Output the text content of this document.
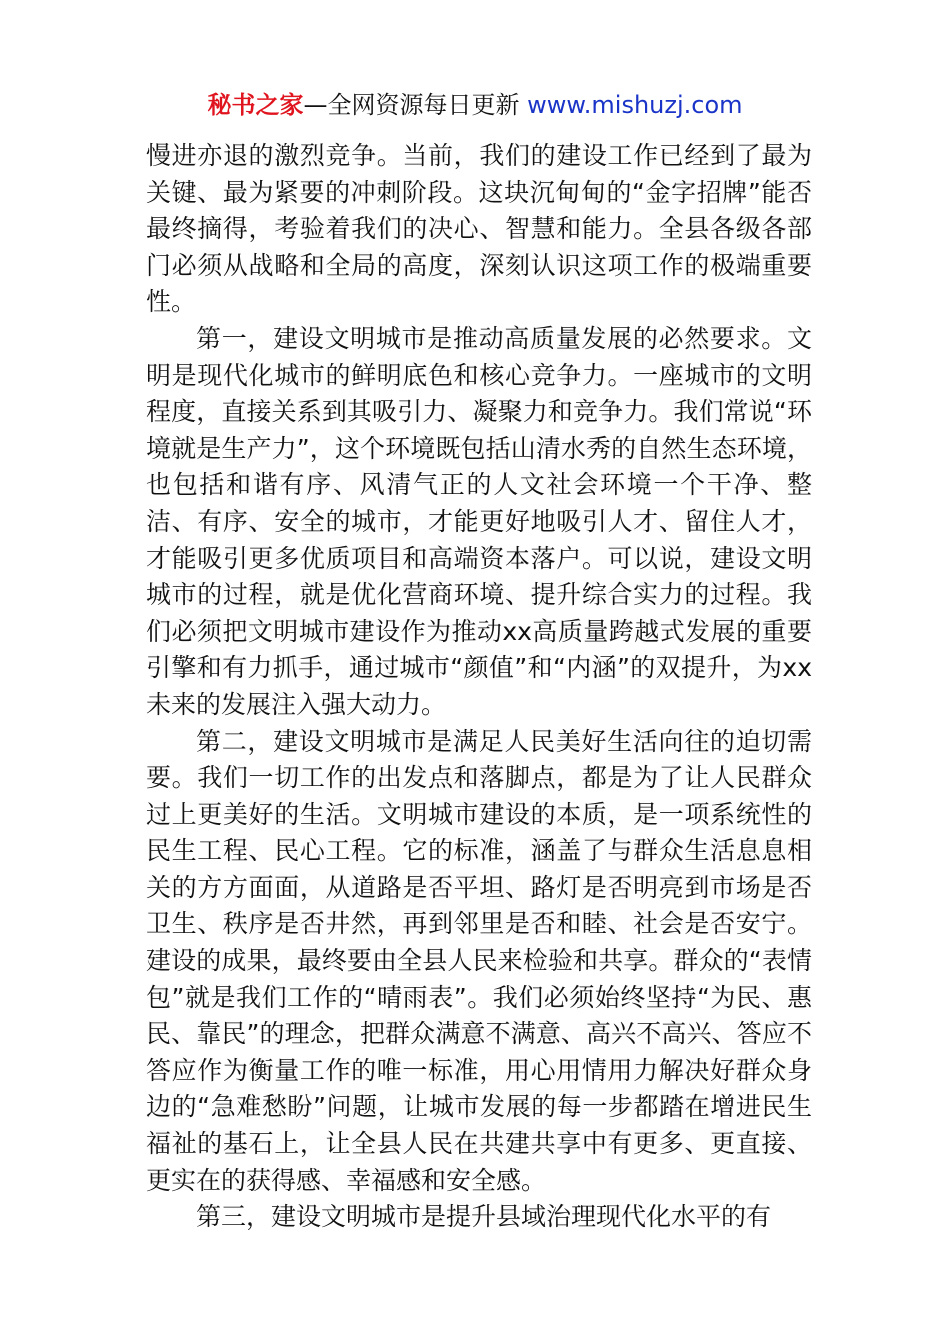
秘书之家—全网资源每日更新 www.mishuzj.com

慢进亦退的激烈竞争。当前，我们的建设工作已经到了最为关键、最为紧要的冲刺阶段。这块沉甸甸的“金字招牌”能否最终摘得，考验着我们的决心、智慧和能力。全县各级各部门必须从战略和全局的高度，深刻认识这项工作的极端重要性。

第一，建设文明城市是推动高质量发展的必然要求。文明是现代化城市的鲜明底色和核心竞争力。一座城市的文明程度，直接关系到其吸引力、凝聚力和竞争力。我们常说“环境就是生产力”，这个环境既包括山清水秀的自然生态环境，也包括和谐有序、风清气正的人文社会环境一个干净、整洁、有序、安全的城市，才能更好地吸引人才、留住人才，才能吸引更多优质项目和高端资本落户。可以说，建设文明城市的过程，就是优化营商环境、提升综合实力的过程。我们必须把文明城市建设作为推动xx高质量跨越式发展的重要引擎和有力抓手，通过城市“颜值”和“内涵”的双提升，为xx未来的发展注入强大动力。

第二，建设文明城市是满足人民美好生活向往的迫切需要。我们一切工作的出发点和落脚点，都是为了让人民群众过上更美好的生活。文明城市建设的本质，是一项系统性的民生工程、民心工程。它的标准，涵盖了与群众生活息息相关的方方面面，从道路是否平坦、路灯是否明亮到市场是否卫生、秩序是否井然，再到邻里是否和睦、社会是否安宁。建设的成果，最终要由全县人民来检验和共享。群众的“表情包”就是我们工作的“晴雨表”。我们必须始终坚持“为民、惠民、靠民”的理念，把群众满意不满意、高兴不高兴、答应不答应作为衡量工作的唯一标准，用心用情用力解决好群众身边的“急难愁盼”问题，让城市发展的每一步都踏在增进民生福祉的基石上，让全县人民在共建共享中有更多、更直接、更实在的获得感、幸福感和安全感。

第三，建设文明城市是提升县域治理现代化水平的有
